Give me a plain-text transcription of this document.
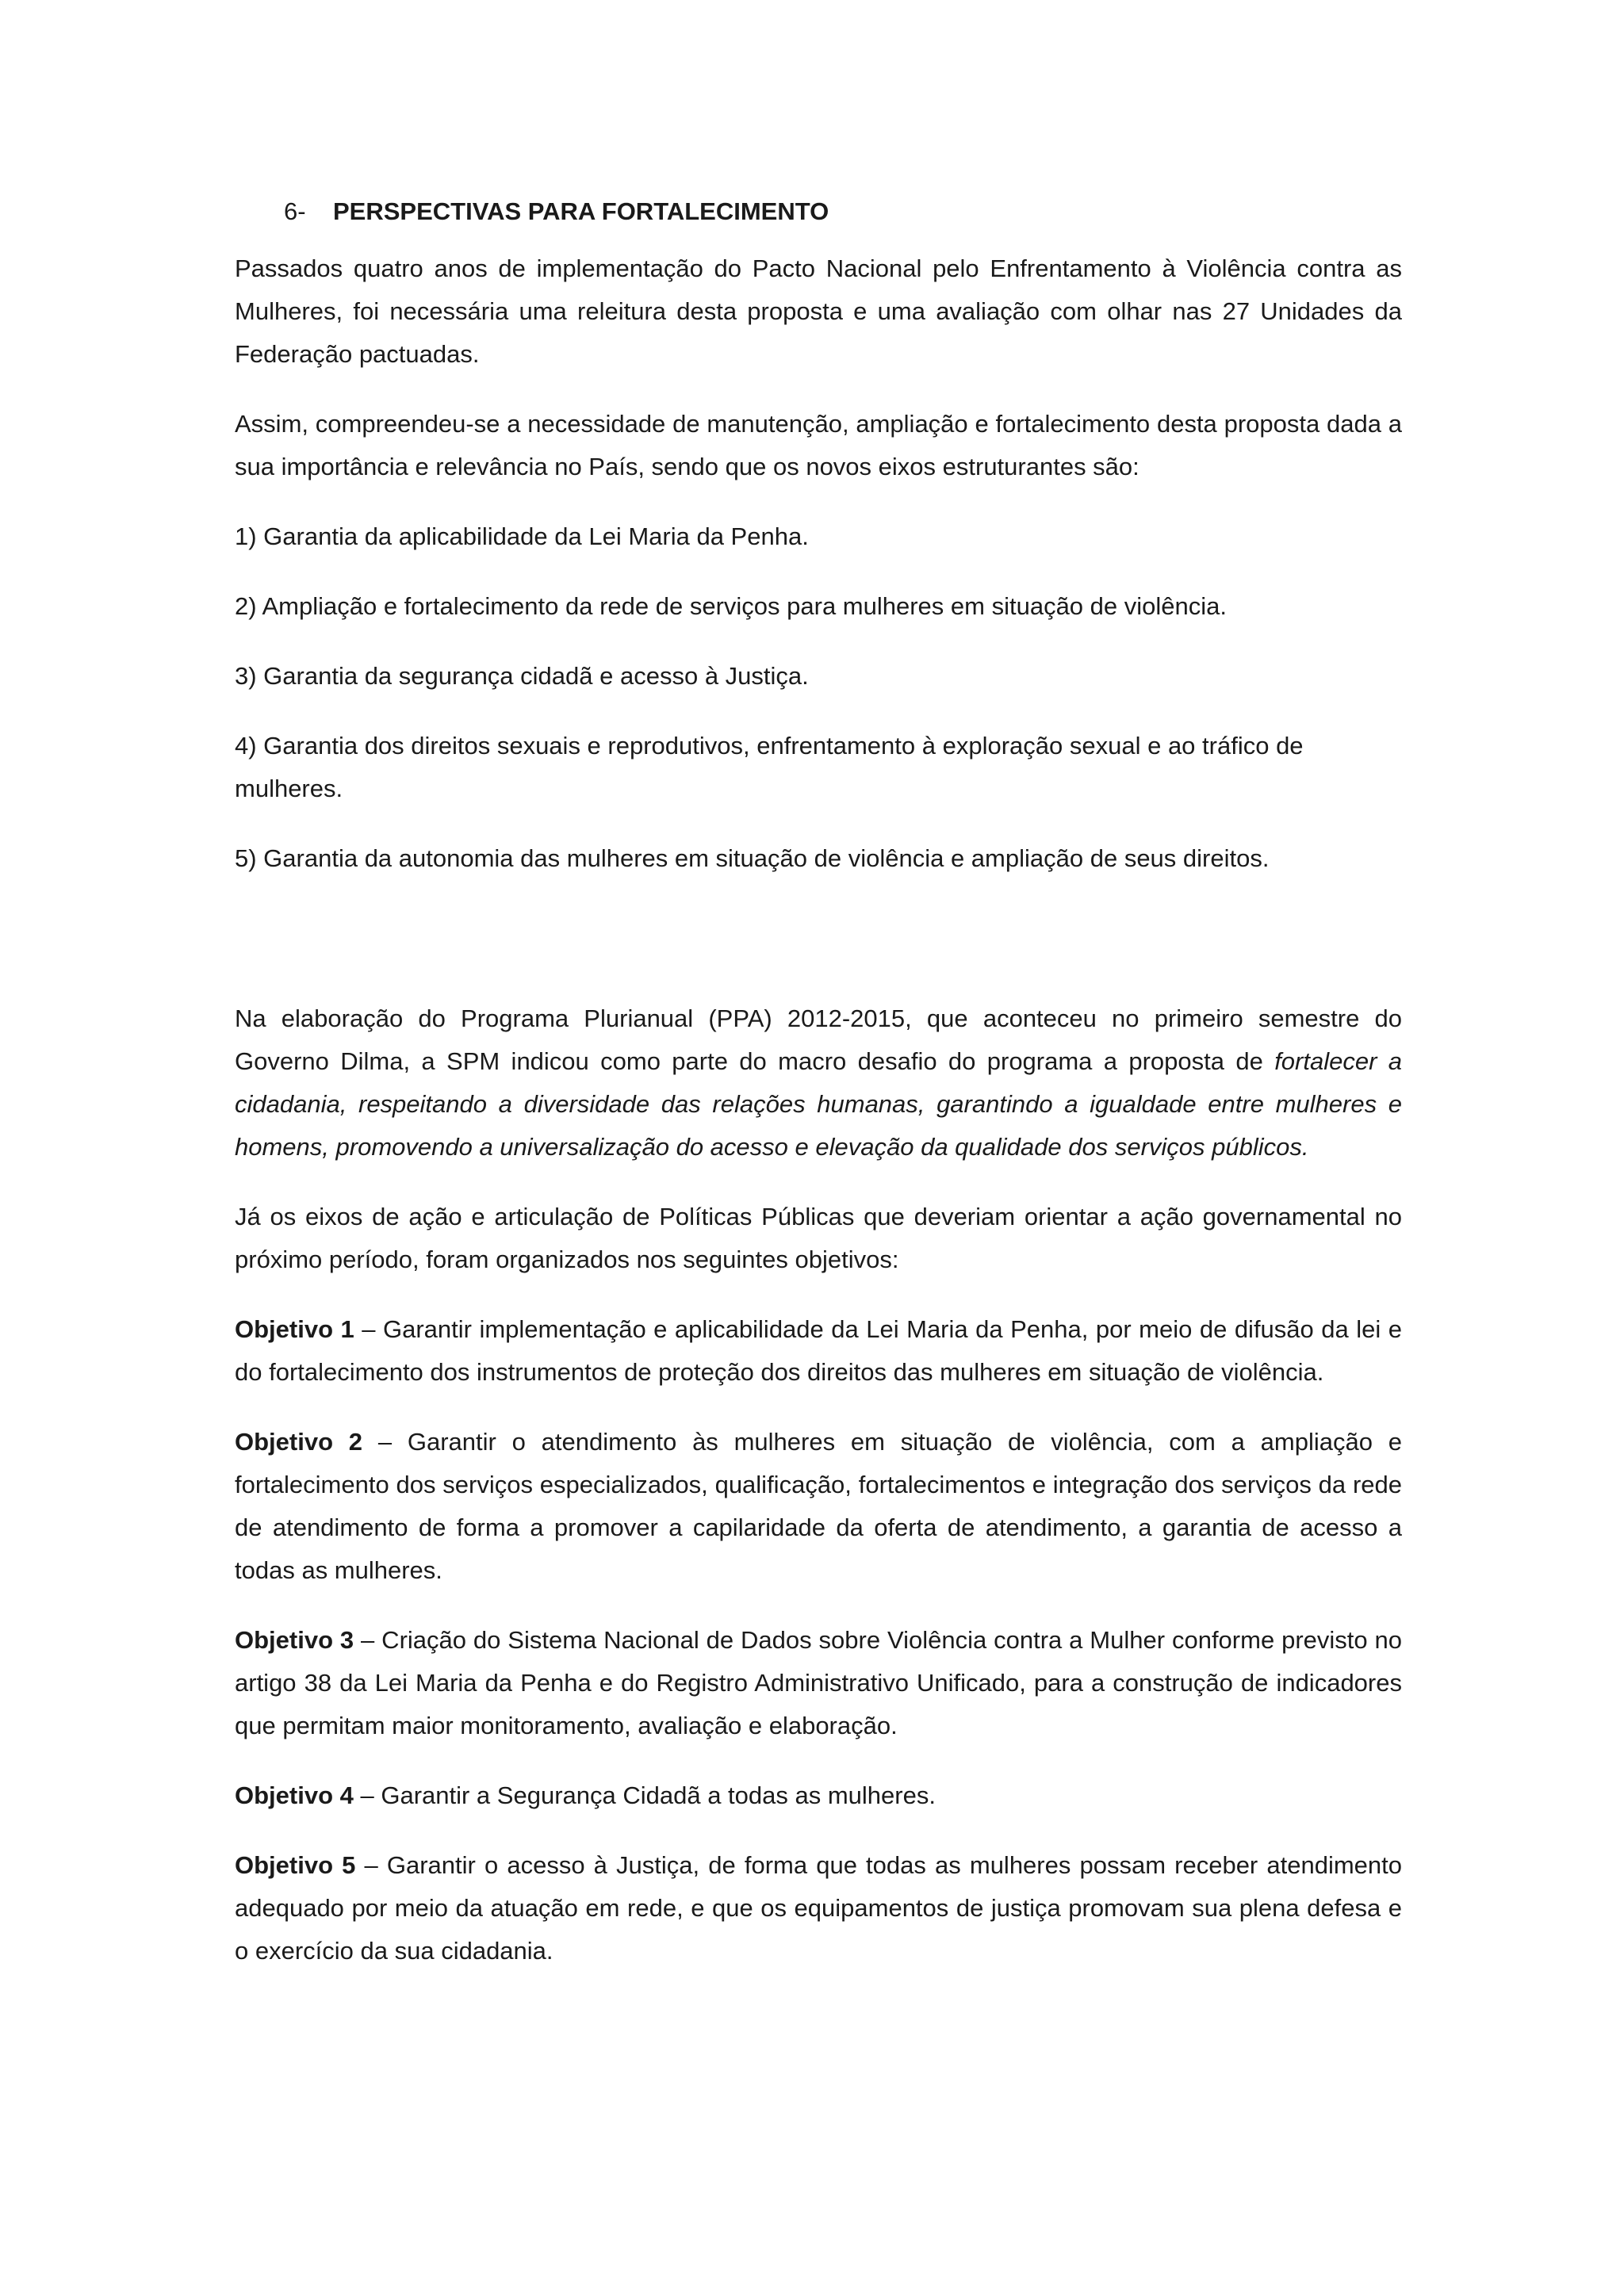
6- PERSPECTIVAS PARA FORTALECIMENTO

Passados quatro anos de implementação do Pacto Nacional pelo Enfrentamento à Violência contra as Mulheres, foi necessária uma releitura desta proposta e uma avaliação com olhar nas 27 Unidades da Federação pactuadas.

Assim, compreendeu-se a necessidade de manutenção, ampliação e fortalecimento desta proposta dada a sua importância e relevância no País, sendo que os novos eixos estruturantes são:

1) Garantia da aplicabilidade da Lei Maria da Penha.
2) Ampliação e fortalecimento da rede de serviços para mulheres em situação de violência.
3) Garantia da segurança cidadã e acesso à Justiça.
4) Garantia dos direitos sexuais e reprodutivos, enfrentamento à exploração sexual e ao tráfico de mulheres.
5) Garantia da autonomia das mulheres em situação de violência e ampliação de seus direitos.

Na elaboração do Programa Plurianual (PPA) 2012-2015, que aconteceu no primeiro semestre do Governo Dilma, a SPM indicou como parte do macro desafio do programa a proposta de fortalecer a cidadania, respeitando a diversidade das relações humanas, garantindo a igualdade entre mulheres e homens, promovendo a universalização do acesso e elevação da qualidade dos serviços públicos.

Já os eixos de ação e articulação de Políticas Públicas que deveriam orientar a ação governamental no próximo período, foram organizados nos seguintes objetivos:

Objetivo 1 – Garantir implementação e aplicabilidade da Lei Maria da Penha, por meio de difusão da lei e do fortalecimento dos instrumentos de proteção dos direitos das mulheres em situação de violência.

Objetivo 2 – Garantir o atendimento às mulheres em situação de violência, com a ampliação e fortalecimento dos serviços especializados, qualificação, fortalecimentos e integração dos serviços da rede de atendimento de forma a promover a capilaridade da oferta de atendimento, a garantia de acesso a todas as mulheres.

Objetivo 3 – Criação do Sistema Nacional de Dados sobre Violência contra a Mulher conforme previsto no artigo 38 da Lei Maria da Penha e do Registro Administrativo Unificado, para a construção de indicadores que permitam maior monitoramento, avaliação e elaboração.

Objetivo 4 – Garantir a Segurança Cidadã a todas as mulheres.

Objetivo 5 – Garantir o acesso à Justiça, de forma que todas as mulheres possam receber atendimento adequado por meio da atuação em rede, e que os equipamentos de justiça promovam sua plena defesa e o exercício da sua cidadania.
